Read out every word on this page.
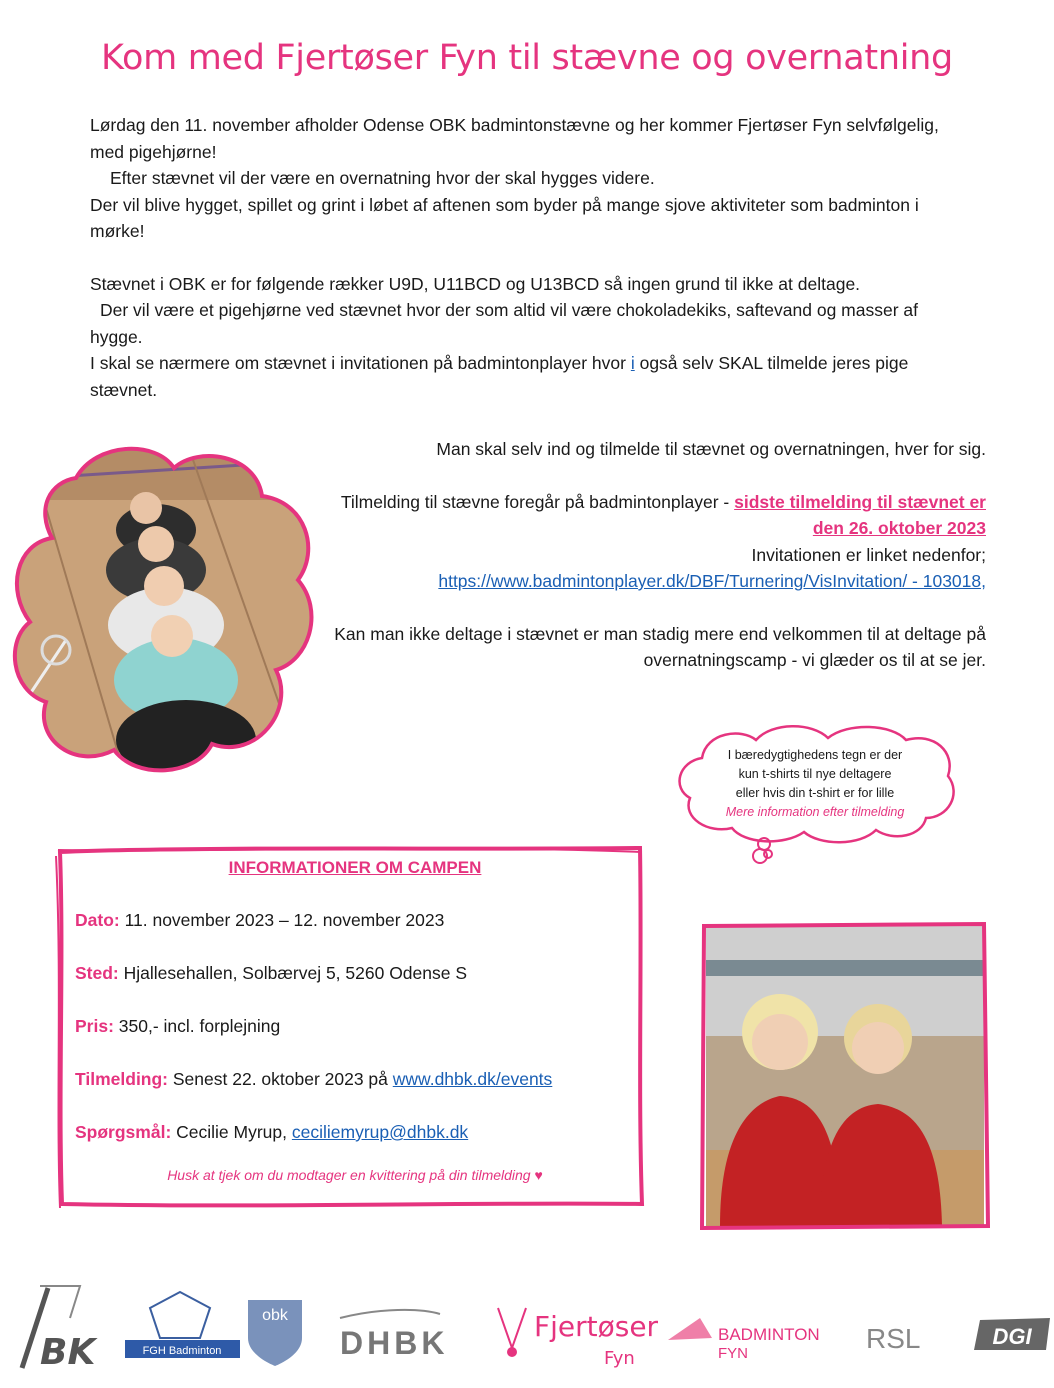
Kom med Fjertøser Fyn til stævne og overnatning

Lørdag den 11. november afholder Odense OBK badmintonstævne og her kommer Fjertøser Fyn selvfølgelig, med pigehjørne!

Efter stævnet vil der være en overnatning hvor der skal hygges videre.

Der vil blive hygget, spillet og grint i løbet af aftenen som byder på mange sjove aktiviteter som badminton i mørke!

Stævnet i OBK er for følgende rækker U9D, U11BCD og U13BCD så ingen grund til ikke at deltage.

Der vil være et pigehjørne ved stævnet hvor der som altid vil være chokoladekiks, saftevand og masser af hygge.

I skal se nærmere om stævnet i invitationen på badmintonplayer hvor i også selv SKAL tilmelde jeres pige stævnet.

Man skal selv ind og tilmelde til stævnet og overnatningen, hver for sig.

Tilmelding til stævne foregår på badmintonplayer - sidste tilmelding til stævnet er den 26. oktober 2023

Invitationen er linket nedenfor;

https://www.badmintonplayer.dk/DBF/Turnering/VisInvitation/ - 103018,

Kan man ikke deltage i stævnet er man stadig mere end velkommen til at deltage på overnatningscamp - vi glæder os til at se jer.

I bæredygtighedens tegn er der
kun t-shirts til nye deltagere
eller hvis din t-shirt er for lille
Mere information efter tilmelding
INFORMATIONER OM CAMPEN

Dato: 11. november 2023 – 12. november 2023

Sted: Hjallesehallen, Solbærvej 5, 5260 Odense S

Pris: 350,- incl. forplejning

Tilmelding: Senest 22. oktober 2023 på www.dhbk.dk/events

Spørgsmål: Cecilie Myrup, ceciliemyrup@dhbk.dk

Husk at tjek om du modtager en kvittering på din tilmelding ♥
BK	FGH Badminton
obk
DHBK	Fjertøser
Fyn
BADMINTON
FYN	RSL	DGI
